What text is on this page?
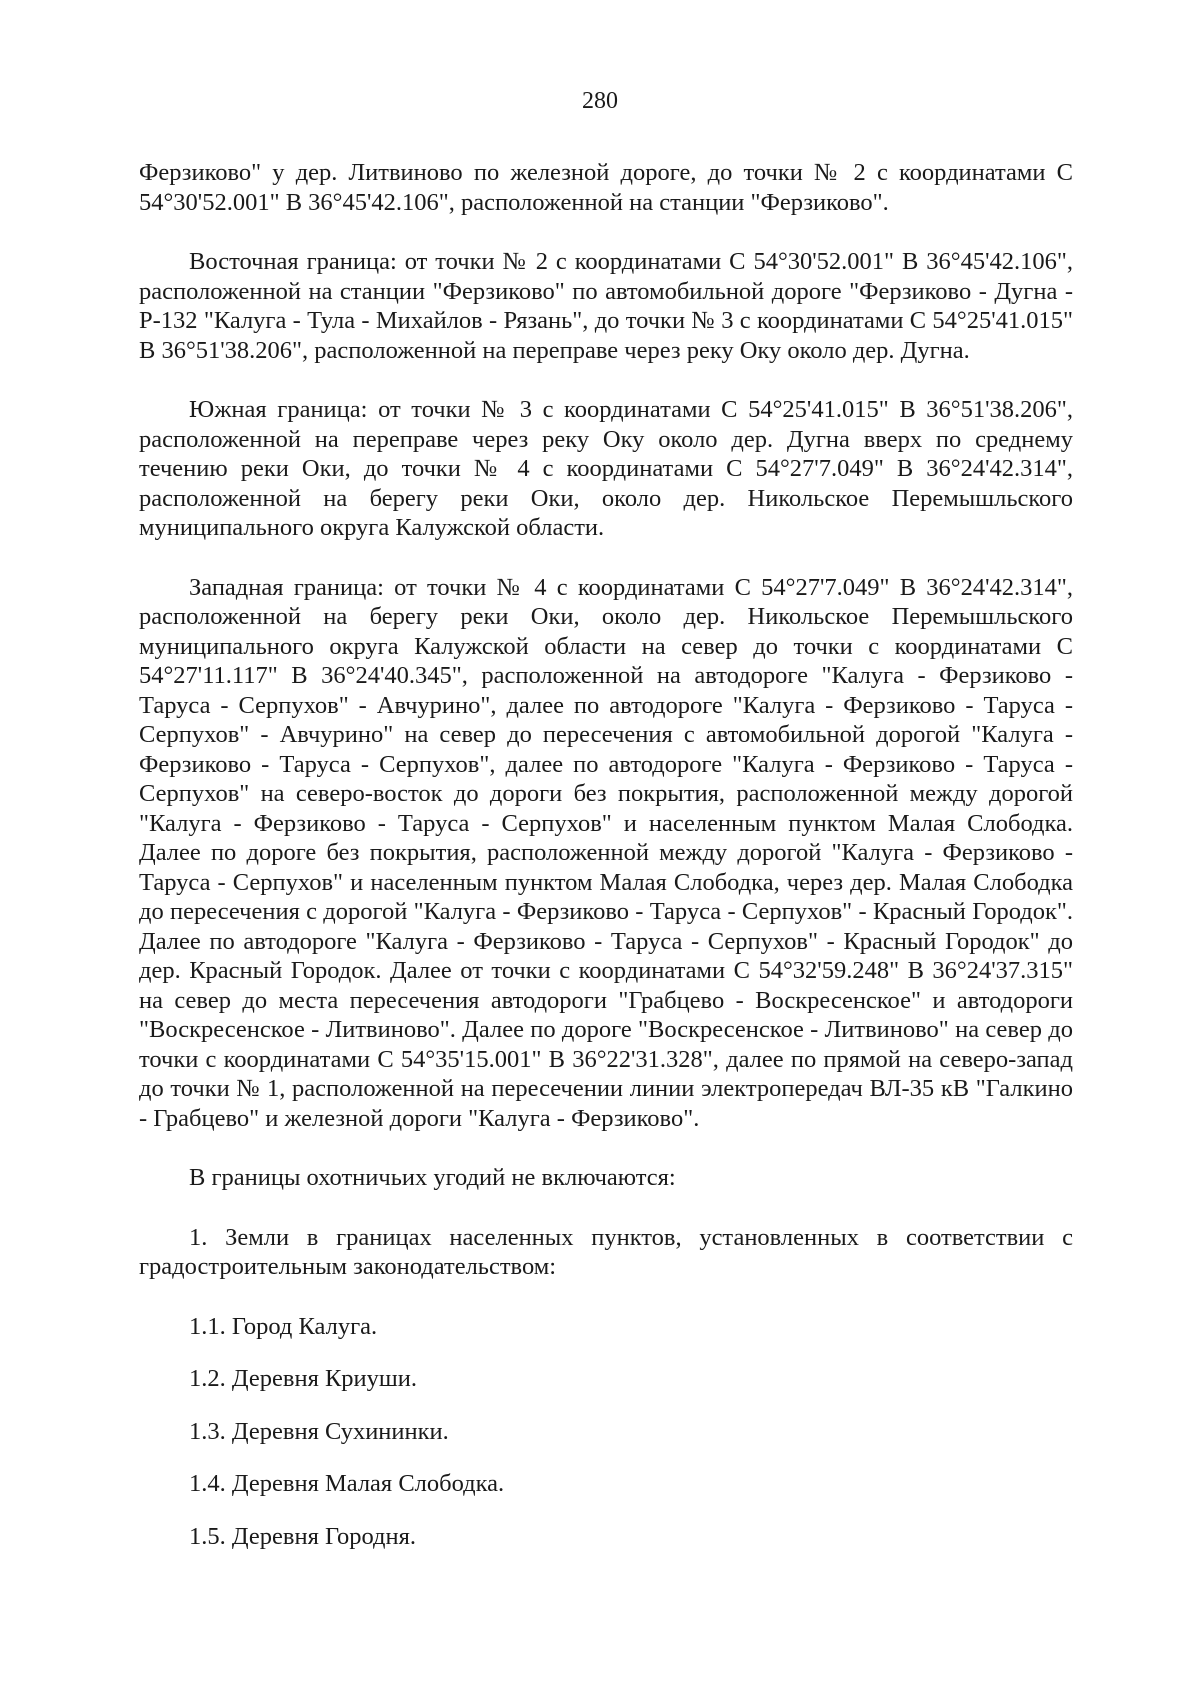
280

Ферзиково" у дер. Литвиново по железной дороге, до точки № 2 с координатами С 54°30'52.001" В 36°45'42.106", расположенной на станции "Ферзиково".

Восточная граница: от точки № 2 с координатами С 54°30'52.001" В 36°45'42.106", расположенной на станции "Ферзиково" по автомобильной дороге "Ферзиково - Дугна - Р-132 "Калуга - Тула - Михайлов - Рязань", до точки № 3 с координатами С 54°25'41.015" В 36°51'38.206", расположенной на переправе через реку Оку около дер. Дугна.

Южная граница: от точки № 3 с координатами С 54°25'41.015" В 36°51'38.206", расположенной на переправе через реку Оку около дер. Дугна вверх по среднему течению реки Оки, до точки № 4 с координатами С 54°27'7.049" В 36°24'42.314", расположенной на берегу реки Оки, около дер. Никольское Перемышльского муниципального округа Калужской области.

Западная граница: от точки № 4 с координатами С 54°27'7.049" В 36°24'42.314", расположенной на берегу реки Оки, около дер. Никольское Перемышльского муниципального округа Калужской области на север до точки с координатами С 54°27'11.117" В 36°24'40.345", расположенной на автодороге "Калуга - Ферзиково - Таруса - Серпухов" - Авчурино", далее по автодороге "Калуга - Ферзиково - Таруса - Серпухов" - Авчурино" на север до пересечения с автомобильной дорогой "Калуга - Ферзиково - Таруса - Серпухов", далее по автодороге "Калуга - Ферзиково - Таруса - Серпухов" на северо-восток до дороги без покрытия, расположенной между дорогой "Калуга - Ферзиково - Таруса - Серпухов" и населенным пунктом Малая Слободка. Далее по дороге без покрытия, расположенной между дорогой "Калуга - Ферзиково - Таруса - Серпухов" и населенным пунктом Малая Слободка, через дер. Малая Слободка до пересечения с дорогой "Калуга - Ферзиково - Таруса - Серпухов" - Красный Городок". Далее по автодороге "Калуга - Ферзиково - Таруса - Серпухов" - Красный Городок" до дер. Красный Городок. Далее от точки с координатами С 54°32'59.248" В 36°24'37.315" на север до места пересечения автодороги "Грабцево - Воскресенское" и автодороги "Воскресенское - Литвиново". Далее по дороге "Воскресенское - Литвиново" на север до точки с координатами С 54°35'15.001" В 36°22'31.328", далее по прямой на северо-запад до точки № 1, расположенной на пересечении линии электропередач ВЛ-35 кВ "Галкино - Грабцево" и железной дороги "Калуга - Ферзиково".

В границы охотничьих угодий не включаются:

1. Земли в границах населенных пунктов, установленных в соответствии с градостроительным законодательством:

1.1. Город Калуга.

1.2. Деревня Криуши.

1.3. Деревня Сухининки.

1.4. Деревня Малая Слободка.

1.5. Деревня Городня.
